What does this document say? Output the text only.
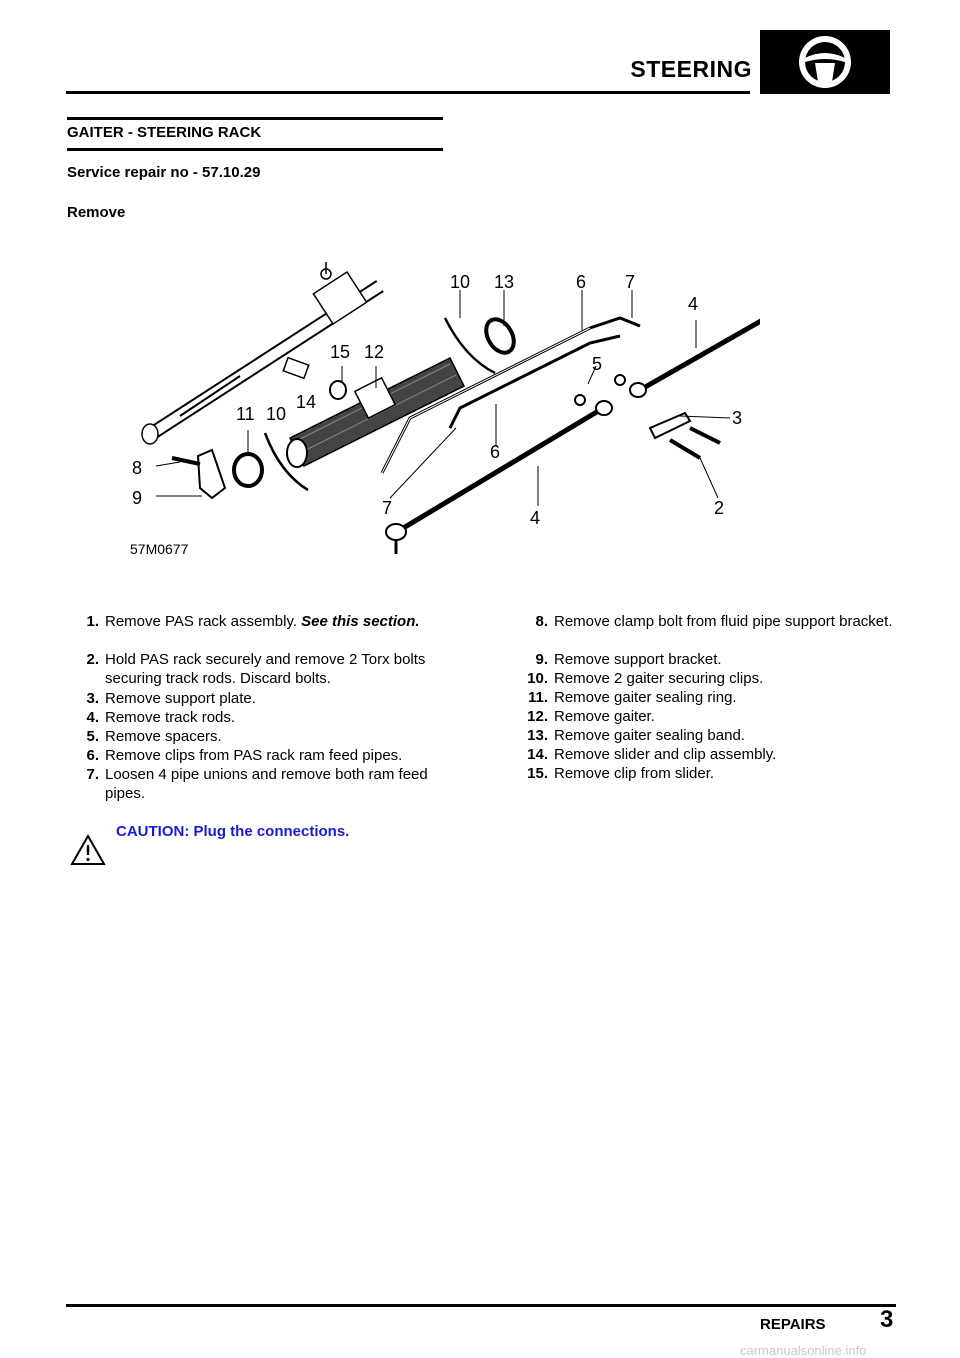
STEERING
GAITER - STEERING RACK
Service repair no - 57.10.29
Remove
10 13	6 7
4
15 12
5
14
11 10	3
8
6
9	7	4	2
57M0677
1. Remove PAS rack assembly. See this section.
2. Hold PAS rack securely and remove 2 Torx bolts securing track rods. Discard bolts.
3. Remove support plate.
4. Remove track rods.
5. Remove spacers.
6. Remove clips from PAS rack ram feed pipes.
7. Loosen 4 pipe unions and remove both ram feed pipes.
8. Remove clamp bolt from fluid pipe support bracket.
9. Remove support bracket.
10. Remove 2 gaiter securing clips.
11. Remove gaiter sealing ring.
12. Remove gaiter.
13. Remove gaiter sealing band.
14. Remove slider and clip assembly.
15. Remove clip from slider.
CAUTION: Plug the connections.
REPAIRS 3
carmanualsonline.info
